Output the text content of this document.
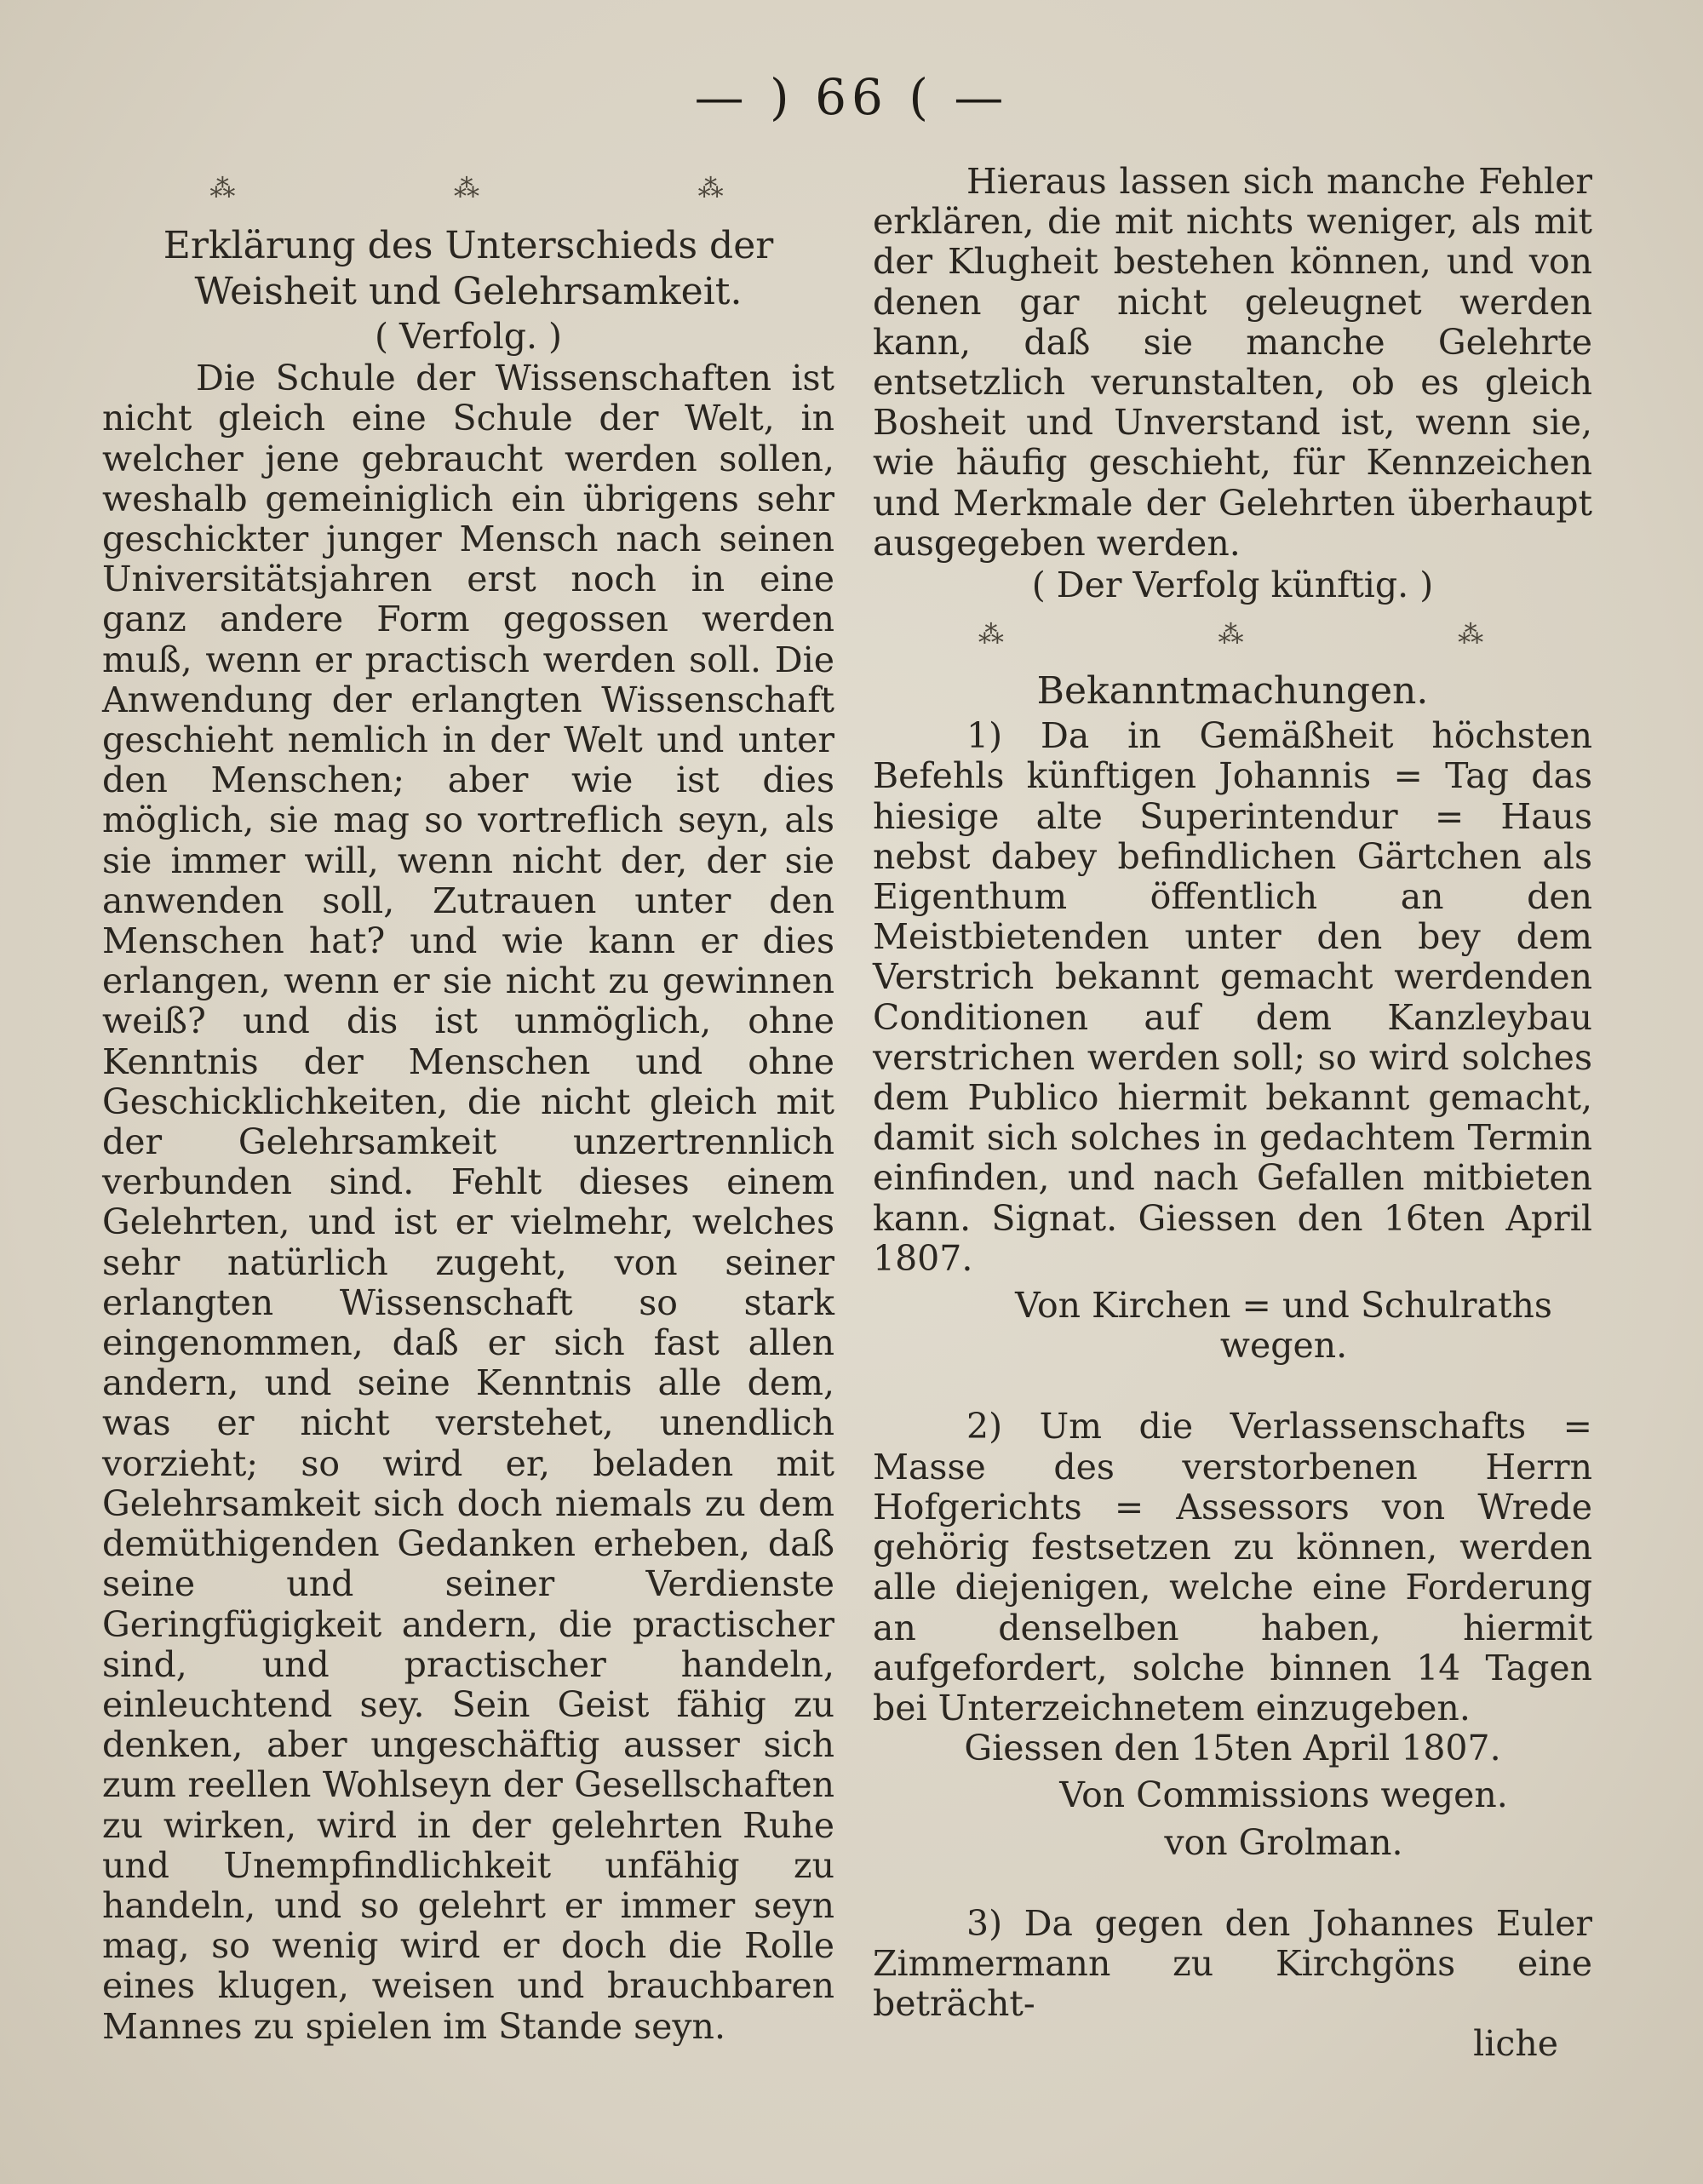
— ) 66 ( —
⁂	⁂	⁂
Erklärung des Unterschieds der Weisheit und Gelehrsamkeit.
( Verfolg. )

Die Schule der Wissenschaften ist nicht gleich eine Schule der Welt, in welcher jene gebraucht werden sollen, weshalb gemeiniglich ein übrigens sehr geschickter junger Mensch nach seinen Universitätsjahren erst noch in eine ganz andere Form gegossen werden muß, wenn er practisch werden soll. Die Anwendung der erlangten Wissenschaft geschieht nemlich in der Welt und unter den Menschen; aber wie ist dies möglich, sie mag so vortreflich seyn, als sie immer will, wenn nicht der, der sie anwenden soll, Zutrauen unter den Menschen hat? und wie kann er dies erlangen, wenn er sie nicht zu gewinnen weiß? und dis ist unmöglich, ohne Kenntnis der Menschen und ohne Geschicklichkeiten, die nicht gleich mit der Gelehrsamkeit unzertrennlich verbunden sind. Fehlt dieses einem Gelehrten, und ist er vielmehr, welches sehr natürlich zugeht, von seiner erlangten Wissenschaft so stark eingenommen, daß er sich fast allen andern, und seine Kenntnis alle dem, was er nicht verstehet, unendlich vorzieht; so wird er, beladen mit Gelehrsamkeit sich doch niemals zu dem demüthigenden Gedanken erheben, daß seine und seiner Verdienste Geringfügigkeit andern, die practischer sind, und practischer handeln, einleuchtend sey. Sein Geist fähig zu denken, aber ungeschäftig ausser sich zum reellen Wohlseyn der Gesellschaften zu wirken, wird in der gelehrten Ruhe und Unempfindlichkeit unfähig zu handeln, und so gelehrt er immer seyn mag, so wenig wird er doch die Rolle eines klugen, weisen und brauchbaren Mannes zu spielen im Stande seyn.

Hieraus lassen sich manche Fehler erklären, die mit nichts weniger, als mit der Klugheit bestehen können, und von denen gar nicht geleugnet werden kann, daß sie manche Gelehrte entsetzlich verunstalten, ob es gleich Bosheit und Unverstand ist, wenn sie, wie häufig geschieht, für Kennzeichen und Merkmale der Gelehrten überhaupt ausgegeben werden.

( Der Verfolg künftig. )
⁂	⁂	⁂
Bekanntmachungen.

1) Da in Gemäßheit höchsten Befehls künftigen Johannis = Tag das hiesige alte Superintendur = Haus nebst dabey befindlichen Gärtchen als Eigenthum öffentlich an den Meistbietenden unter den bey dem Verstrich bekannt gemacht werdenden Conditionen auf dem Kanzleybau verstrichen werden soll; so wird solches dem Publico hiermit bekannt gemacht, damit sich solches in gedachtem Termin einfinden, und nach Gefallen mitbieten kann. Signat. Giessen den 16ten April 1807.

Von Kirchen = und Schulraths wegen.

2) Um die Verlassenschafts = Masse des verstorbenen Herrn Hofgerichts = Assessors von Wrede gehörig festsetzen zu können, werden alle diejenigen, welche eine Forderung an denselben haben, hiermit aufgefordert, solche binnen 14 Tagen bei Unterzeichnetem einzugeben.

Giessen den 15ten April 1807.
Von Commissions wegen.
von Grolman.

3) Da gegen den Johannes Euler Zimmermann zu Kirchgöns eine beträcht-

liche
